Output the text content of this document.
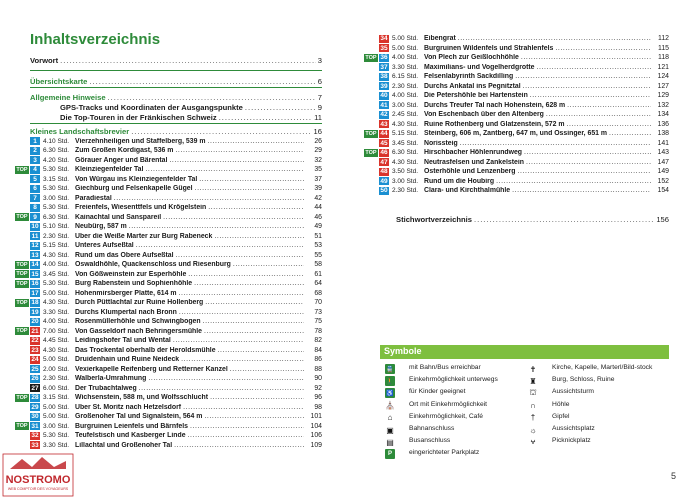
Inhaltsverzeichnis
Vorwort .....	3
Übersichtskarte .....	6
Allgemeine Hinweise .....	7
GPS-Tracks und Koordinaten der Ausgangspunkte .....	9
Die Top-Touren in der Fränkischen Schweiz .....	11
Kleines Landschaftsbrevier .....	16
1 4.10 Std. Vierzehnheiligen und Staffelberg, 539 m .....	26
2 6.30 Std. Zum Großen Kordigast, 536 m .....	29
3 4.20 Std. Görauer Anger und Bärental .....	32
TOP 4 5.30 Std. Kleinziegenfelder Tal .....	35
5 3.15 Std. Von Würgau ins Kleinziegenfelder Tal .....	37
6 5.30 Std. Giechburg und Felsenkapelle Gügel .....	39
7 3.00 Std. Paradiestal .....	42
8 5.30 Std. Freienfels, Wiesenttfels und Krögelstein .....	44
TOP 9 6.30 Std. Kainachtal und Sanspareil .....	46
10 5.10 Std. Neubürg, 587 m .....	49
11 2.30 Std. Über die Weiße Marter zur Burg Rabeneck .....	51
12 5.15 Std. Unteres Aufseßtal .....	53
13 4.30 Std. Rund um das Obere Aufseßtal .....	55
TOP 14 4.00 Std. Oswaldhöhle, Quackenschloss und Riesenburg .....	58
TOP 15 3.45 Std. Von Gößweinstein zur Esperhöhle .....	61
TOP 16 5.30 Std. Burg Rabenstein und Sophienhöhle .....	64
17 5.00 Std. Hohenmirsberger Platte, 614 m .....	68
TOP 18 4.30 Std. Durch Püttlachtal zur Ruine Hollenberg .....	70
19 3.30 Std. Durchs Klumpertal nach Bronn .....	73
20 4.00 Std. Rosenmüllerhöhle und Schwingbogen .....	75
TOP 21 7.00 Std. Von Gasseldorf nach Behringersmühle .....	78
22 4.45 Std. Leidingshofer Tal und Wental .....	82
23 4.30 Std. Das Trockental oberhalb der Heroldsmühle .....	84
24 5.00 Std. Druidenhain und Ruine Neideck .....	86
25 2.00 Std. Vexierkapelle Reifenberg und Retterner Kanzel .....	88
26 2.30 Std. Walberla-Umrahmung .....	90
27 6.00 Std. Der Trubachtalweg .....	92
TOP 28 3.15 Std. Wichsenstein, 588 m, und Wolfsschlucht .....	96
29 5.00 Std. Über St. Moritz nach Hetzelsdorf .....	98
30 5.00 Std. Großenoher Tal und Signalstein, 564 m .....	101
TOP 31 3.00 Std. Burgruinen Leienfels und Bärnfels .....	104
32 5.30 Std. Teufelstisch und Kasberger Linde .....	106
33 3.30 Std. Lillachtal und Großenoher Tal .....	109
34 5.00 Std. Eibengrat .....	112
35 5.00 Std. Burgruinen Wildenfels und Strahlenfels .....	115
TOP 36 4.00 Std. Von Plech zur Geißlochhöhle .....	118
37 3.30 Std. Maximilians- und Vogelherdgrotte .....	121
38 6.15 Std. Felsenlabyrinth Sackdilling .....	124
39 2.30 Std. Durchs Ankatal ins Pegnitztal .....	127
40 4.00 Std. Die Petershöhle bei Hartenstein .....	129
41 3.00 Std. Durchs Treufer Tal nach Hohenstein, 628 m .....	132
42 2.45 Std. Von Eschenbach über den Altenberg .....	134
43 4.30 Std. Ruine Rothenberg und Glatzenstein, 572 m .....	136
TOP 44 5.15 Std. Steinberg, 606 m, Zantberg, 647 m, und Ossinger, 651 m .....	138
45 3.45 Std. Norissteig .....	141
TOP 46 6.30 Std. Hirschbacher Höhlenrundweg .....	143
47 4.30 Std. Neutrasfelsen und Zankelstein .....	147
48 3.50 Std. Osterhöhle und Lenzenberg .....	149
49 3.00 Std. Rund um die Houbirg .....	152
50 2.30 Std. Clara- und Kirchthalmühle .....	154
Stichwortverzeichnis .....	156
Symbole
🚆 mit Bahn/Bus erreichbar
🚶 Einkehrmöglichkeit unterwegs
♿ für Kinder geeignet
⛪ Ort mit Einkehrmöglichkeit
⌂	Einkehrmöglichkeit, Café
▣ Bahnanschluss
▤ Busanschluss
P	eingerichteter Parkplatz
✝ Kirche, Kapelle, Marterl/Bild-stock
♜ Burg, Schloss, Ruine
⛫ Aussichtsturm
∩	Höhle
†	Gipfel
☼ Aussichtsplatz
⩝	Picknickplatz
5
NOSTROMO
WEB COMPTOIR DES VOYAGEURS
